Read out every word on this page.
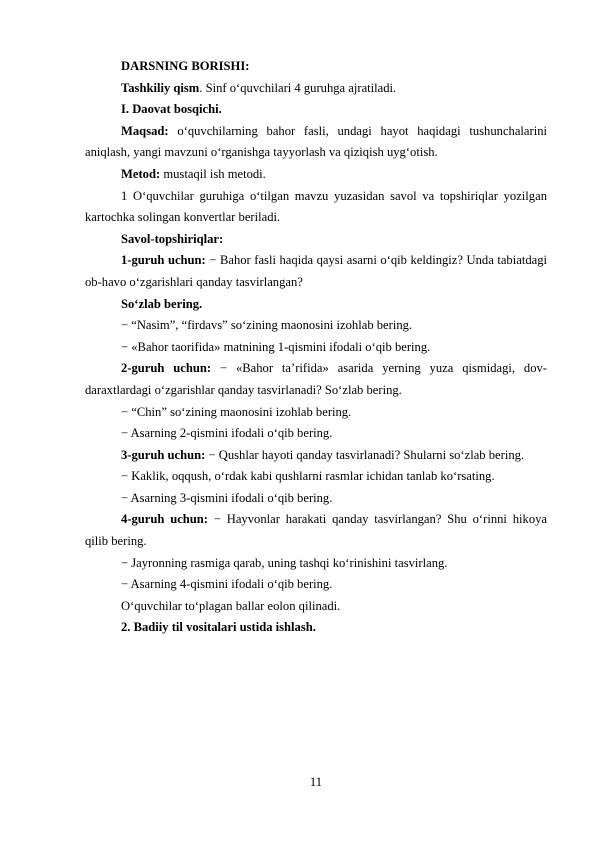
DARSNING BORISHI:

Tashkiliy qism. Sinf o‘quvchilari 4 guruhga ajratiladi.

I. Daovat bosqichi.

Maqsad: o‘quvchilarning bahor fasli, undagi hayot haqidagi tushunchalarini aniqlash, yangi mavzuni o‘rganishga tayyorlash va qiziqish uyg‘otish.

Metod: mustaqil ish metodi.

1 O‘quvchilar guruhiga o‘tilgan mavzu yuzasidan savol va topshiriqlar yozilgan kartochka solingan konvertlar beriladi.

Savol-topshiriqlar:

1-guruh uchun: − Bahor fasli haqida qaysi asarni o‘qib keldingiz? Unda tabiatdagi ob-havo o‘zgarishlari qanday tasvirlangan?

So‘zlab bering.

− “Nasim”, “firdavs” so‘zining maonosini izohlab bering.

− «Bahor taorifida» matnining 1-qismini ifodali o‘qib bering.

2-guruh uchun: − «Bahor ta’rifida» asarida yerning yuza qismidagi, dov-daraxtlardagi o‘zgarishlar qanday tasvirlanadi? So‘zlab bering.

− “Chin” so‘zining maonosini izohlab bering.

− Asarning 2-qismini ifodali o‘qib bering.

3-guruh uchun: − Qushlar hayoti qanday tasvirlanadi? Shularni so‘zlab bering.

− Kaklik, oqqush, o‘rdak kabi qushlarni rasmlar ichidan tanlab ko‘rsating.

− Asarning 3-qismini ifodali o‘qib bering.

4-guruh uchun: − Hayvonlar harakati qanday tasvirlangan? Shu o‘rinni hikoya qilib bering.

− Jayronning rasmiga qarab, uning tashqi ko‘rinishini tasvirlang.

− Asarning 4-qismini ifodali o‘qib bering.

O‘quvchilar to‘plagan ballar eolon qilinadi.

2. Badiiy til vositalari ustida ishlash.

11
